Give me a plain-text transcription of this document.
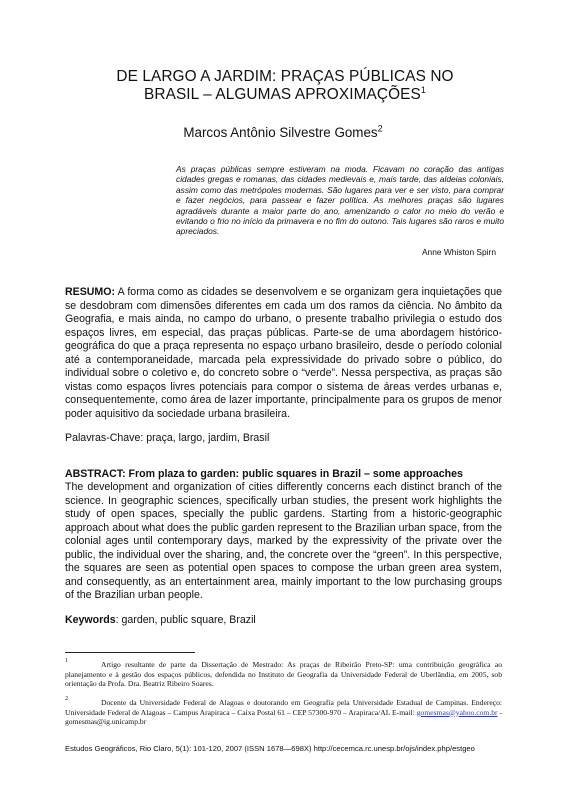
DE LARGO A JARDIM: PRAÇAS PÚBLICAS NO
BRASIL – ALGUMAS APROXIMAÇÕES$^1$
Marcos Antônio Silvestre Gomes$^2$
As praças públicas sempre estiveram na moda. Ficavam no coração das antigas cidades gregas e romanas, das cidades medievais e, mais tarde, das aldeias coloniais, assim como das metrópoles modernas. São lugares para ver e ser visto, para comprar e fazer negócios, para passear e fazer política. As melhores praças são lugares agradáveis durante a maior parte do ano, amenizando o calor no meio do verão e evitando o frio no início da primavera e no fim do outono. Tais lugares são raros e muito apreciados.
Anne Whiston Spirn
RESUMO: A forma como as cidades se desenvolvem e se organizam gera inquietações que se desdobram com dimensões diferentes em cada um dos ramos da ciência. No âmbito da Geografia, e mais ainda, no campo do urbano, o presente trabalho privilegia o estudo dos espaços livres, em especial, das praças públicas. Parte-se de uma abordagem histórico-geográfica do que a praça representa no espaço urbano brasileiro, desde o período colonial até a contemporaneidade, marcada pela expressividade do privado sobre o público, do individual sobre o coletivo e, do concreto sobre o “verde”. Nessa perspectiva, as praças são vistas como espaços livres potenciais para compor o sistema de áreas verdes urbanas e, consequentemente, como área de lazer importante, principalmente para os grupos de menor poder aquisitivo da sociedade urbana brasileira.
Palavras-Chave: praça, largo, jardim, Brasil
ABSTRACT: From plaza to garden: public squares in Brazil – some approaches
The development and organization of cities differently concerns each distinct branch of the science. In geographic sciences, specifically urban studies, the present work highlights the study of open spaces, specially the public gardens. Starting from a historic-geographic approach about what does the public garden represent to the Brazilian urban space, from the colonial ages until contemporary days, marked by the expressivity of the private over the public, the individual over the sharing, and, the concrete over the “green”. In this perspective, the squares are seen as potential open spaces to compose the urban green area system, and consequently, as an entertainment area, mainly important to the low purchasing groups of the Brazilian urban people.
Keywords: garden, public square, Brazil
1	Artigo resultante de parte da Dissertação de Mestrado: As praças de Ribeirão Preto-SP: uma contribuição geográfica ao planejamento e à gestão dos espaços públicos, defendida no Instituto de Geografia da Universidade Federal de Uberlândia, em 2005, sob orientação da Profa. Dra. Beatriz Ribeiro Soares.
2	Docente da Universidade Federal de Alagoas e doutorando em Geografia pela Universidade Estadual de Campinas. Endereço: Universidade Federal de Alagoas – Campus Arapiraca – Caixa Postal 61 – CEP 57300-970 – Arapiraca/AL E-mail: gomesmas@yahoo.com.br - gomesmas@ig.unicamp.br
Estudos Geográficos, Rio Claro, 5(1): 101-120, 2007 (ISSN 1678—698X) http://cecemca.rc.unesp.br/ojs/index.php/estgeo
